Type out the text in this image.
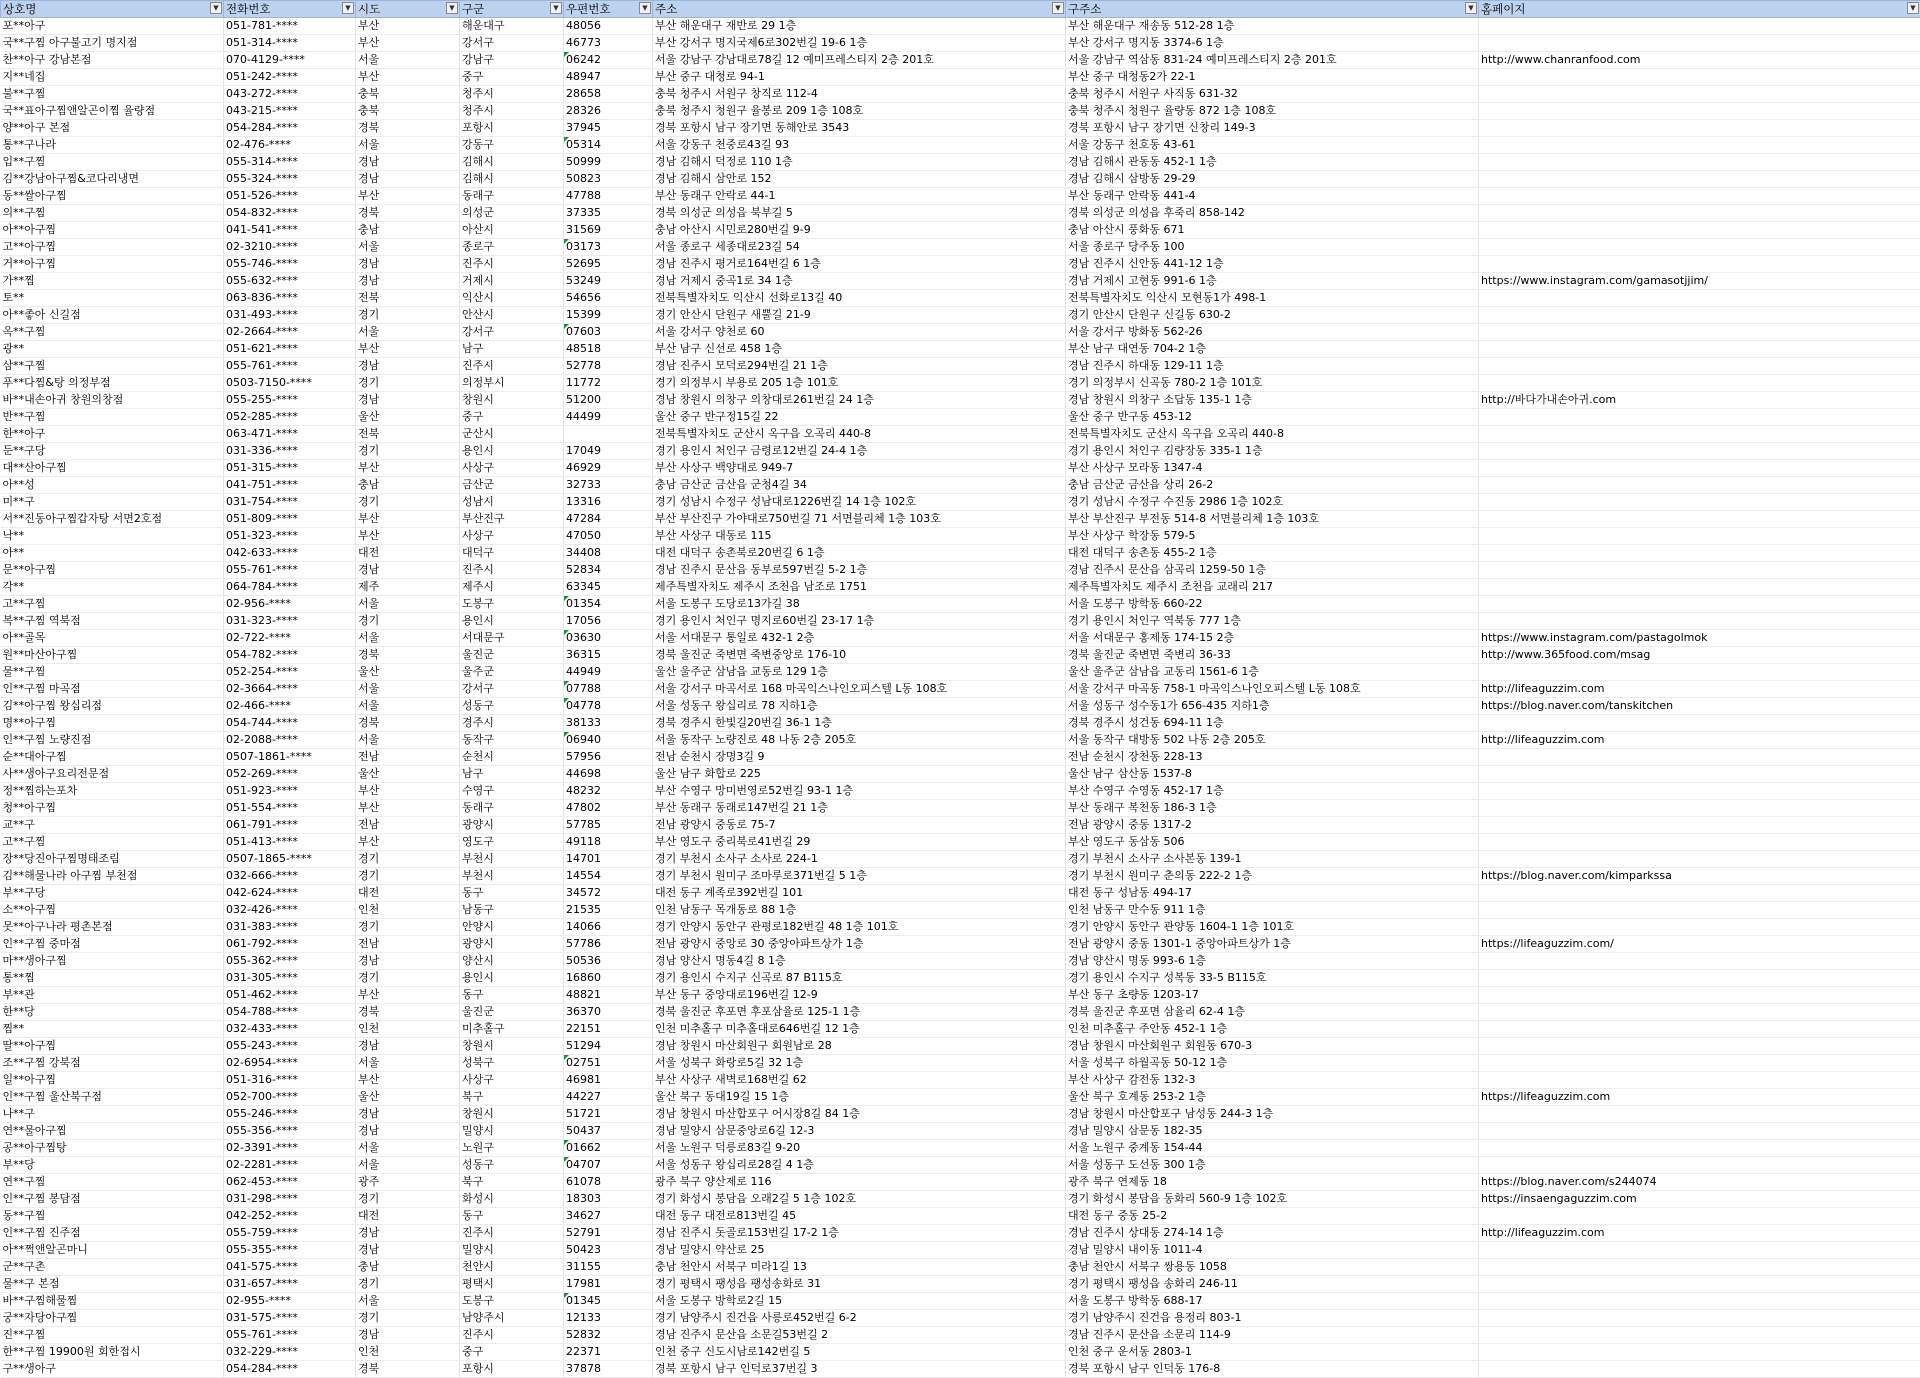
상호명 ▼	전화번호 ▼	시도 ▼	구군 ▼	우편번호 ▼	주소 ▼	구주소 ▼	홈페이지 ▼

포**아구	051-781-****	부산	해운대구	48056	부산 해운대구 재반로 29 1층	부산 해운대구 재송동 512-28 1층	
국**구찜 아구불고기 명지점	051-314-****	부산	강서구	46773	부산 강서구 명지국제6로302번길 19-6 1층	부산 강서구 명지동 3374-6 1층	
찬**아구 강남본점	070-4129-****	서울	강남구	06242	서울 강남구 강남대로78길 12 예미프레스티지 2층 201호	서울 강남구 역삼동 831-24 예미프레스티지 2층 201호	http://www.chanranfood.com
지**네집	051-242-****	부산	중구	48947	부산 중구 대청로 94-1	부산 중구 대청동2가 22-1	
불**구찜	043-272-****	충북	청주시	28658	충북 청주시 서원구 창직로 112-4	충북 청주시 서원구 사직동 631-32	
국**표아구찜앤알곤이찜 율량점	043-215-****	충북	청주시	28326	충북 청주시 청원구 율봉로 209 1층 108호	충북 청주시 청원구 율량동 872 1층 108호	
양**아구 본점	054-284-****	경북	포항시	37945	경북 포항시 남구 장기면 동해안로 3543	경북 포항시 남구 장기면 신창리 149-3	
통**구나라	02-476-****	서울	강동구	05314	서울 강동구 천중로43길 93	서울 강동구 천호동 43-61	
입**구찜	055-314-****	경남	김해시	50999	경남 김해시 덕정로 110 1층	경남 김해시 관동동 452-1 1층	
김**강남아구찜&코다리냉면	055-324-****	경남	김해시	50823	경남 김해시 삼안로 152	경남 김해시 삼방동 29-29	
동**쌀아구찜	051-526-****	부산	동래구	47788	부산 동래구 안락로 44-1	부산 동래구 안락동 441-4	
의**구찜	054-832-****	경북	의성군	37335	경북 의성군 의성읍 북부길 5	경북 의성군 의성읍 후죽리 858-142	
아**아구찜	041-541-****	충남	아산시	31569	충남 아산시 시민로280번길 9-9	충남 아산시 풍화동 671	
고**아구찜	02-3210-****	서울	종로구	03173	서울 종로구 세종대로23길 54	서울 종로구 당주동 100	
거**아구찜	055-746-****	경남	진주시	52695	경남 진주시 평거로164번길 6 1층	경남 진주시 신안동 441-12 1층	
가**찜	055-632-****	경남	거제시	53249	경남 거제시 중곡1로 34 1층	경남 거제시 고현동 991-6 1층	https://www.instagram.com/gamasotjjim/
토**	063-836-****	전북	익산시	54656	전북특별자치도 익산시 선화로13길 40	전북특별자치도 익산시 모현동1가 498-1	
아**좋아 신길점	031-493-****	경기	안산시	15399	경기 안산시 단원구 새뿔길 21-9	경기 안산시 단원구 신길동 630-2	
옥**구찜	02-2664-****	서울	강서구	07603	서울 강서구 양천로 60	서울 강서구 방화동 562-26	
광**	051-621-****	부산	남구	48518	부산 남구 신선로 458 1층	부산 남구 대연동 704-2 1층	
삼**구찜	055-761-****	경남	진주시	52778	경남 진주시 모덕로294번길 21 1층	경남 진주시 하대동 129-11 1층	
푸**다찜&탕 의정부점	0503-7150-****	경기	의정부시	11772	경기 의정부시 부용로 205 1층 101호	경기 의정부시 신곡동 780-2 1층 101호	
바**내손아귀 창원의창점	055-255-****	경남	창원시	51200	경남 창원시 의창구 의창대로261번길 24 1층	경남 창원시 의창구 소답동 135-1 1층	http://바다가내손아귀.com
반**구찜	052-285-****	울산	중구	44499	울산 중구 반구정15길 22	울산 중구 반구동 453-12	
한**아구	063-471-****	전북	군산시		전북특별자치도 군산시 옥구읍 오곡리 440-8	전북특별자치도 군산시 옥구읍 오곡리 440-8	
둔**구당	031-336-****	경기	용인시	17049	경기 용인시 처인구 금령로12번길 24-4 1층	경기 용인시 처인구 김량장동 335-1 1층	
대**산아구찜	051-315-****	부산	사상구	46929	부산 사상구 백양대로 949-7	부산 사상구 모라동 1347-4	
아**성	041-751-****	충남	금산군	32733	충남 금산군 금산읍 군청4길 34	충남 금산군 금산읍 상리 26-2	
미**구	031-754-****	경기	성남시	13316	경기 성남시 수정구 성남대로1226번길 14 1층 102호	경기 성남시 수정구 수진동 2986 1층 102호	
서**진동아구찜갑자탕 서면2호점	051-809-****	부산	부산진구	47284	부산 부산진구 가야대로750번길 71 서면블리체 1층 103호	부산 부산진구 부전동 514-8 서면블리체 1층 103호	
낙**	051-323-****	부산	사상구	47050	부산 사상구 대동로 115	부산 사상구 학장동 579-5	
아**	042-633-****	대전	대덕구	34408	대전 대덕구 송촌북로20번길 6 1층	대전 대덕구 송촌동 455-2 1층	
문**아구찜	055-761-****	경남	진주시	52834	경남 진주시 문산읍 동부로597번길 5-2 1층	경남 진주시 문산읍 삼곡리 1259-50 1층	
각**	064-784-****	제주	제주시	63345	제주특별자치도 제주시 조천읍 남조로 1751	제주특별자치도 제주시 조천읍 교래리 217	
고**구찜	02-956-****	서울	도봉구	01354	서울 도봉구 도당로13가길 38	서울 도봉구 방학동 660-22	
복**구찜 역북점	031-323-****	경기	용인시	17056	경기 용인시 처인구 명지로60번길 23-17 1층	경기 용인시 처인구 역북동 777 1층	
아**골목	02-722-****	서울	서대문구	03630	서울 서대문구 통일로 432-1 2층	서울 서대문구 홍제동 174-15 2층	https://www.instagram.com/pastagolmok
원**마산아구찜	054-782-****	경북	울진군	36315	경북 울진군 죽변면 죽변중앙로 176-10	경북 울진군 죽변면 죽변리 36-33	http://www.365food.com/msag
물**구찜	052-254-****	울산	울주군	44949	울산 울주군 삼남읍 교동로 129 1층	울산 울주군 삼남읍 교동리 1561-6 1층	
인**구찜 마곡점	02-3664-****	서울	강서구	07788	서울 강서구 마곡서로 168 마곡익스나인오피스텔 L동 108호	서울 강서구 마곡동 758-1 마곡익스나인오피스텔 L동 108호	http://lifeaguzzim.com
김**아구찜 왕십리점	02-466-****	서울	성동구	04778	서울 성동구 왕십리로 78 지하1층	서울 성동구 성수동1가 656-435 지하1층	https://blog.naver.com/tanskitchen
명**아구찜	054-744-****	경북	경주시	38133	경북 경주시 한빛길20번길 36-1 1층	경북 경주시 성건동 694-11 1층	
인**구찜 노량진점	02-2088-****	서울	동작구	06940	서울 동작구 노량진로 48 나동 2층 205호	서울 동작구 대방동 502 나동 2층 205호	http://lifeaguzzim.com
순**대아구찜	0507-1861-****	전남	순천시	57956	전남 순천시 장명3길 9	전남 순천시 장천동 228-13	
사**생아구요리전문점	052-269-****	울산	남구	44698	울산 남구 화합로 225	울산 남구 삼산동 1537-8	
정**찜하는포차	051-923-****	부산	수영구	48232	부산 수영구 망미번영로52번길 93-1 1층	부산 수영구 수영동 452-17 1층	
청**아구찜	051-554-****	부산	동래구	47802	부산 동래구 동래로147번길 21 1층	부산 동래구 복천동 186-3 1층	
교**구	061-791-****	전남	광양시	57785	전남 광양시 중동로 75-7	전남 광양시 중동 1317-2	
고**구찜	051-413-****	부산	영도구	49118	부산 영도구 중리북로41번길 29	부산 영도구 동삼동 506	
장**당진아구찜명태조림	0507-1865-****	경기	부천시	14701	경기 부천시 소사구 소사로 224-1	경기 부천시 소사구 소사본동 139-1	
김**해물나라 아구찜 부천점	032-666-****	경기	부천시	14554	경기 부천시 원미구 조마루로371번길 5 1층	경기 부천시 원미구 춘의동 222-2 1층	https://blog.naver.com/kimparkssa
부**구당	042-624-****	대전	동구	34572	대전 동구 계족로392번길 101	대전 동구 성남동 494-17	
소**아구찜	032-426-****	인천	남동구	21535	인천 남동구 목개동로 88 1층	인천 남동구 만수동 911 1층	
못**아구나라 평촌본점	031-383-****	경기	안양시	14066	경기 안양시 동안구 관평로182번길 48 1층 101호	경기 안양시 동안구 관양동 1604-1 1층 101호	
인**구찜 중마점	061-792-****	전남	광양시	57786	전남 광양시 중앙로 30 중앙아파트상가 1층	전남 광양시 중동 1301-1 중앙아파트상가 1층	https://lifeaguzzim.com/
마**생아구찜	055-362-****	경남	양산시	50536	경남 양산시 명동4길 8 1층	경남 양산시 명동 993-6 1층	
통**찜	031-305-****	경기	용인시	16860	경기 용인시 수지구 신곡로 87 B115호	경기 용인시 수지구 성복동 33-5 B115호	
부**관	051-462-****	부산	동구	48821	부산 동구 중앙대로196번길 12-9	부산 동구 초량동 1203-17	
한**당	054-788-****	경북	울진군	36370	경북 울진군 후포면 후포삼율로 125-1 1층	경북 울진군 후포면 삼율리 62-4 1층	
찜**	032-433-****	인천	미추홀구	22151	인천 미추홀구 미추홀대로646번길 12 1층	인천 미추홀구 주안동 452-1 1층	
딸**아구찜	055-243-****	경남	창원시	51294	경남 창원시 마산회원구 회원남로 28	경남 창원시 마산회원구 회원동 670-3	
조**구찜 강북점	02-6954-****	서울	성북구	02751	서울 성북구 화랑로5길 32 1층	서울 성북구 하월곡동 50-12 1층	
일**아구찜	051-316-****	부산	사상구	46981	부산 사상구 새벽로168번길 62	부산 사상구 감전동 132-3	
인**구찜 울산북구점	052-700-****	울산	북구	44227	울산 북구 동대19길 15 1층	울산 북구 호계동 253-2 1층	https://lifeaguzzim.com
나**구	055-246-****	경남	창원시	51721	경남 창원시 마산합포구 어시장8길 84 1층	경남 창원시 마산합포구 남성동 244-3 1층	
연**물아구찜	055-356-****	경남	밀양시	50437	경남 밀양시 삼문중앙로6길 12-3	경남 밀양시 삼문동 182-35	
공**아구찜탕	02-3391-****	서울	노원구	01662	서울 노원구 덕릉로83길 9-20	서울 노원구 중계동 154-44	
부**당	02-2281-****	서울	성동구	04707	서울 성동구 왕십리로28길 4 1층	서울 성동구 도선동 300 1층	
연**구찜	062-453-****	광주	북구	61078	광주 북구 양산제로 116	광주 북구 연제동 18	https://blog.naver.com/s244074
인**구찜 봉담점	031-298-****	경기	화성시	18303	경기 화성시 봉담읍 오래2길 5 1층 102호	경기 화성시 봉담읍 동화리 560-9 1층 102호	https://insaengaguzzim.com
동**구찜	042-252-****	대전	동구	34627	대전 동구 대전로813번길 45	대전 동구 중동 25-2	
인**구찜 진주점	055-759-****	경남	진주시	52791	경남 진주시 돗골로153번길 17-2 1층	경남 진주시 상대동 274-14 1층	http://lifeaguzzim.com
아**쩍앤알곤마니	055-355-****	경남	밀양시	50423	경남 밀양시 약산로 25	경남 밀양시 내이동 1011-4	
군**구촌	041-575-****	충남	천안시	31155	충남 천안시 서북구 미라1길 13	충남 천안시 서북구 쌍용동 1058	
물**구 본점	031-657-****	경기	평택시	17981	경기 평택시 팽성읍 팽성송화로 31	경기 평택시 팽성읍 송화리 246-11	
바**구찜해물찜	02-955-****	서울	도봉구	01345	서울 도봉구 방학로2길 15	서울 도봉구 방학동 688-17	
궁**자당아구찜	031-575-****	경기	남양주시	12133	경기 남양주시 진건읍 사릉로452번길 6-2	경기 남양주시 진건읍 용정리 803-1	
진**구찜	055-761-****	경남	진주시	52832	경남 진주시 문산읍 소문길53번길 2	경남 진주시 문산읍 소문리 114-9	
한**구찜 19900원 회한접시	032-229-****	인천	중구	22371	인천 중구 신도시남로142번길 5	인천 중구 운서동 2803-1	
구**생아구	054-284-****	경북	포항시	37878	경북 포항시 남구 인덕로37번길 3	경북 포항시 남구 인덕동 176-8	
